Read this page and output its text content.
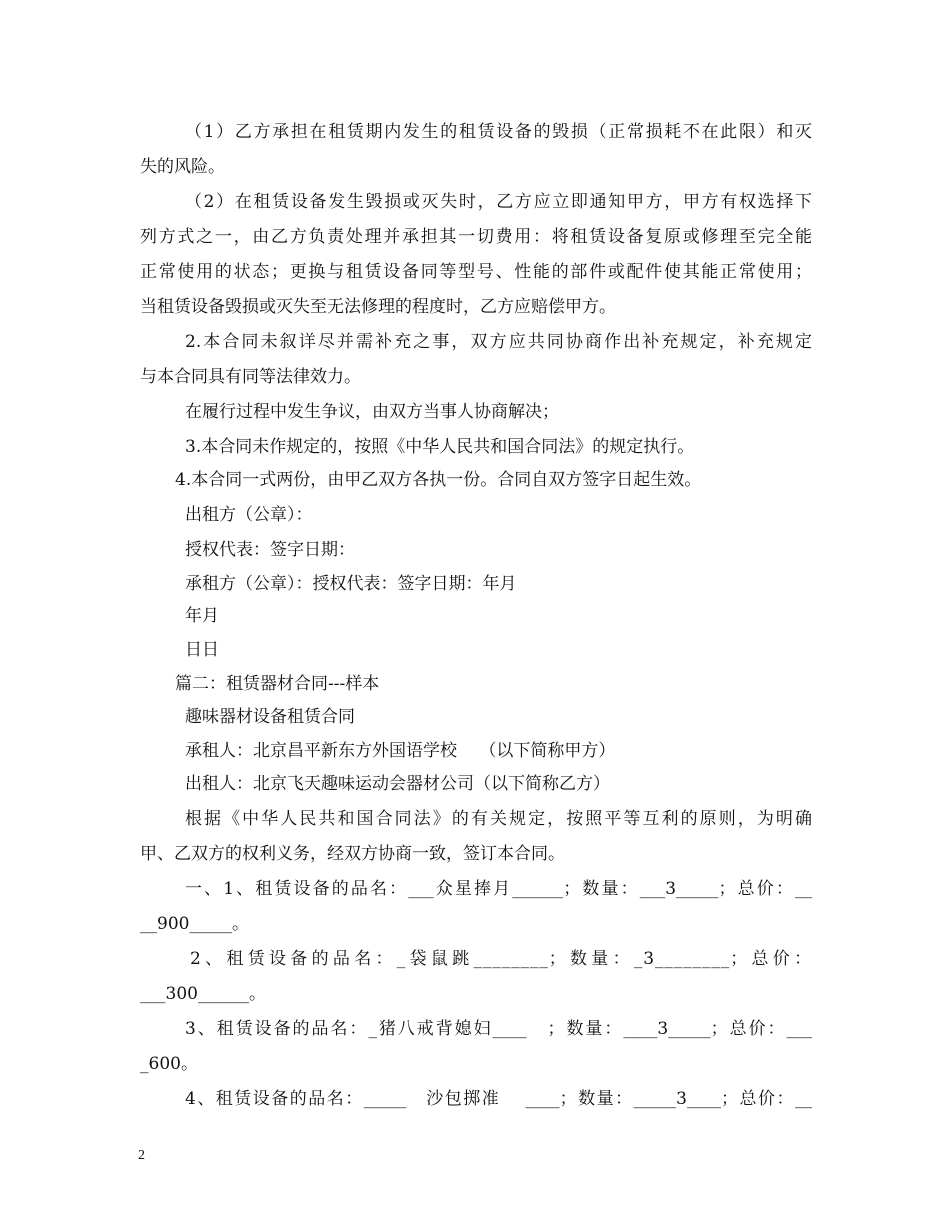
（1）乙方承担在租赁期内发生的租赁设备的毁损（正常损耗不在此限）和灭
失的风险。
（2）在租赁设备发生毁损或灭失时，乙方应立即通知甲方，甲方有权选择下
列方式之一，由乙方负责处理并承担其一切费用：将租赁设备复原或修理至完全能
正常使用的状态；更换与租赁设备同等型号、性能的部件或配件使其能正常使用；
当租赁设备毁损或灭失至无法修理的程度时，乙方应赔偿甲方。
2.本合同未叙详尽并需补充之事，双方应共同协商作出补充规定，补充规定
与本合同具有同等法律效力。
在履行过程中发生争议，由双方当事人协商解决；
3.本合同未作规定的，按照《中华人民共和国合同法》的规定执行。
4.本合同一式两份，由甲乙双方各执一份。合同自双方签字日起生效。
出租方（公章）：
授权代表：签字日期：
承租方（公章）：授权代表：签字日期：年月
年月
日日
篇二：租赁器材合同---样本
趣味器材设备租赁合同
承租人：北京昌平新东方外国语学校　 （以下简称甲方）
出租人：北京飞天趣味运动会器材公司（以下简称乙方）
根据《中华人民共和国合同法》的有关规定，按照平等互利的原则，为明确
甲、乙双方的权利义务，经双方协商一致，签订本合同。
一、1、租赁设备的品名：___众星捧月______；数量：___3_____；总价：__
__900_____。
2、租赁设备的品名：_袋鼠跳________；数量：_3________；总价：
___300______。
3、租赁设备的品名：_猪八戒背媳妇____　；数量：____3_____；总价：___
_600。
4、租赁设备的品名：_____　沙包掷准　 ____；数量：_____3____；总价：__
2
